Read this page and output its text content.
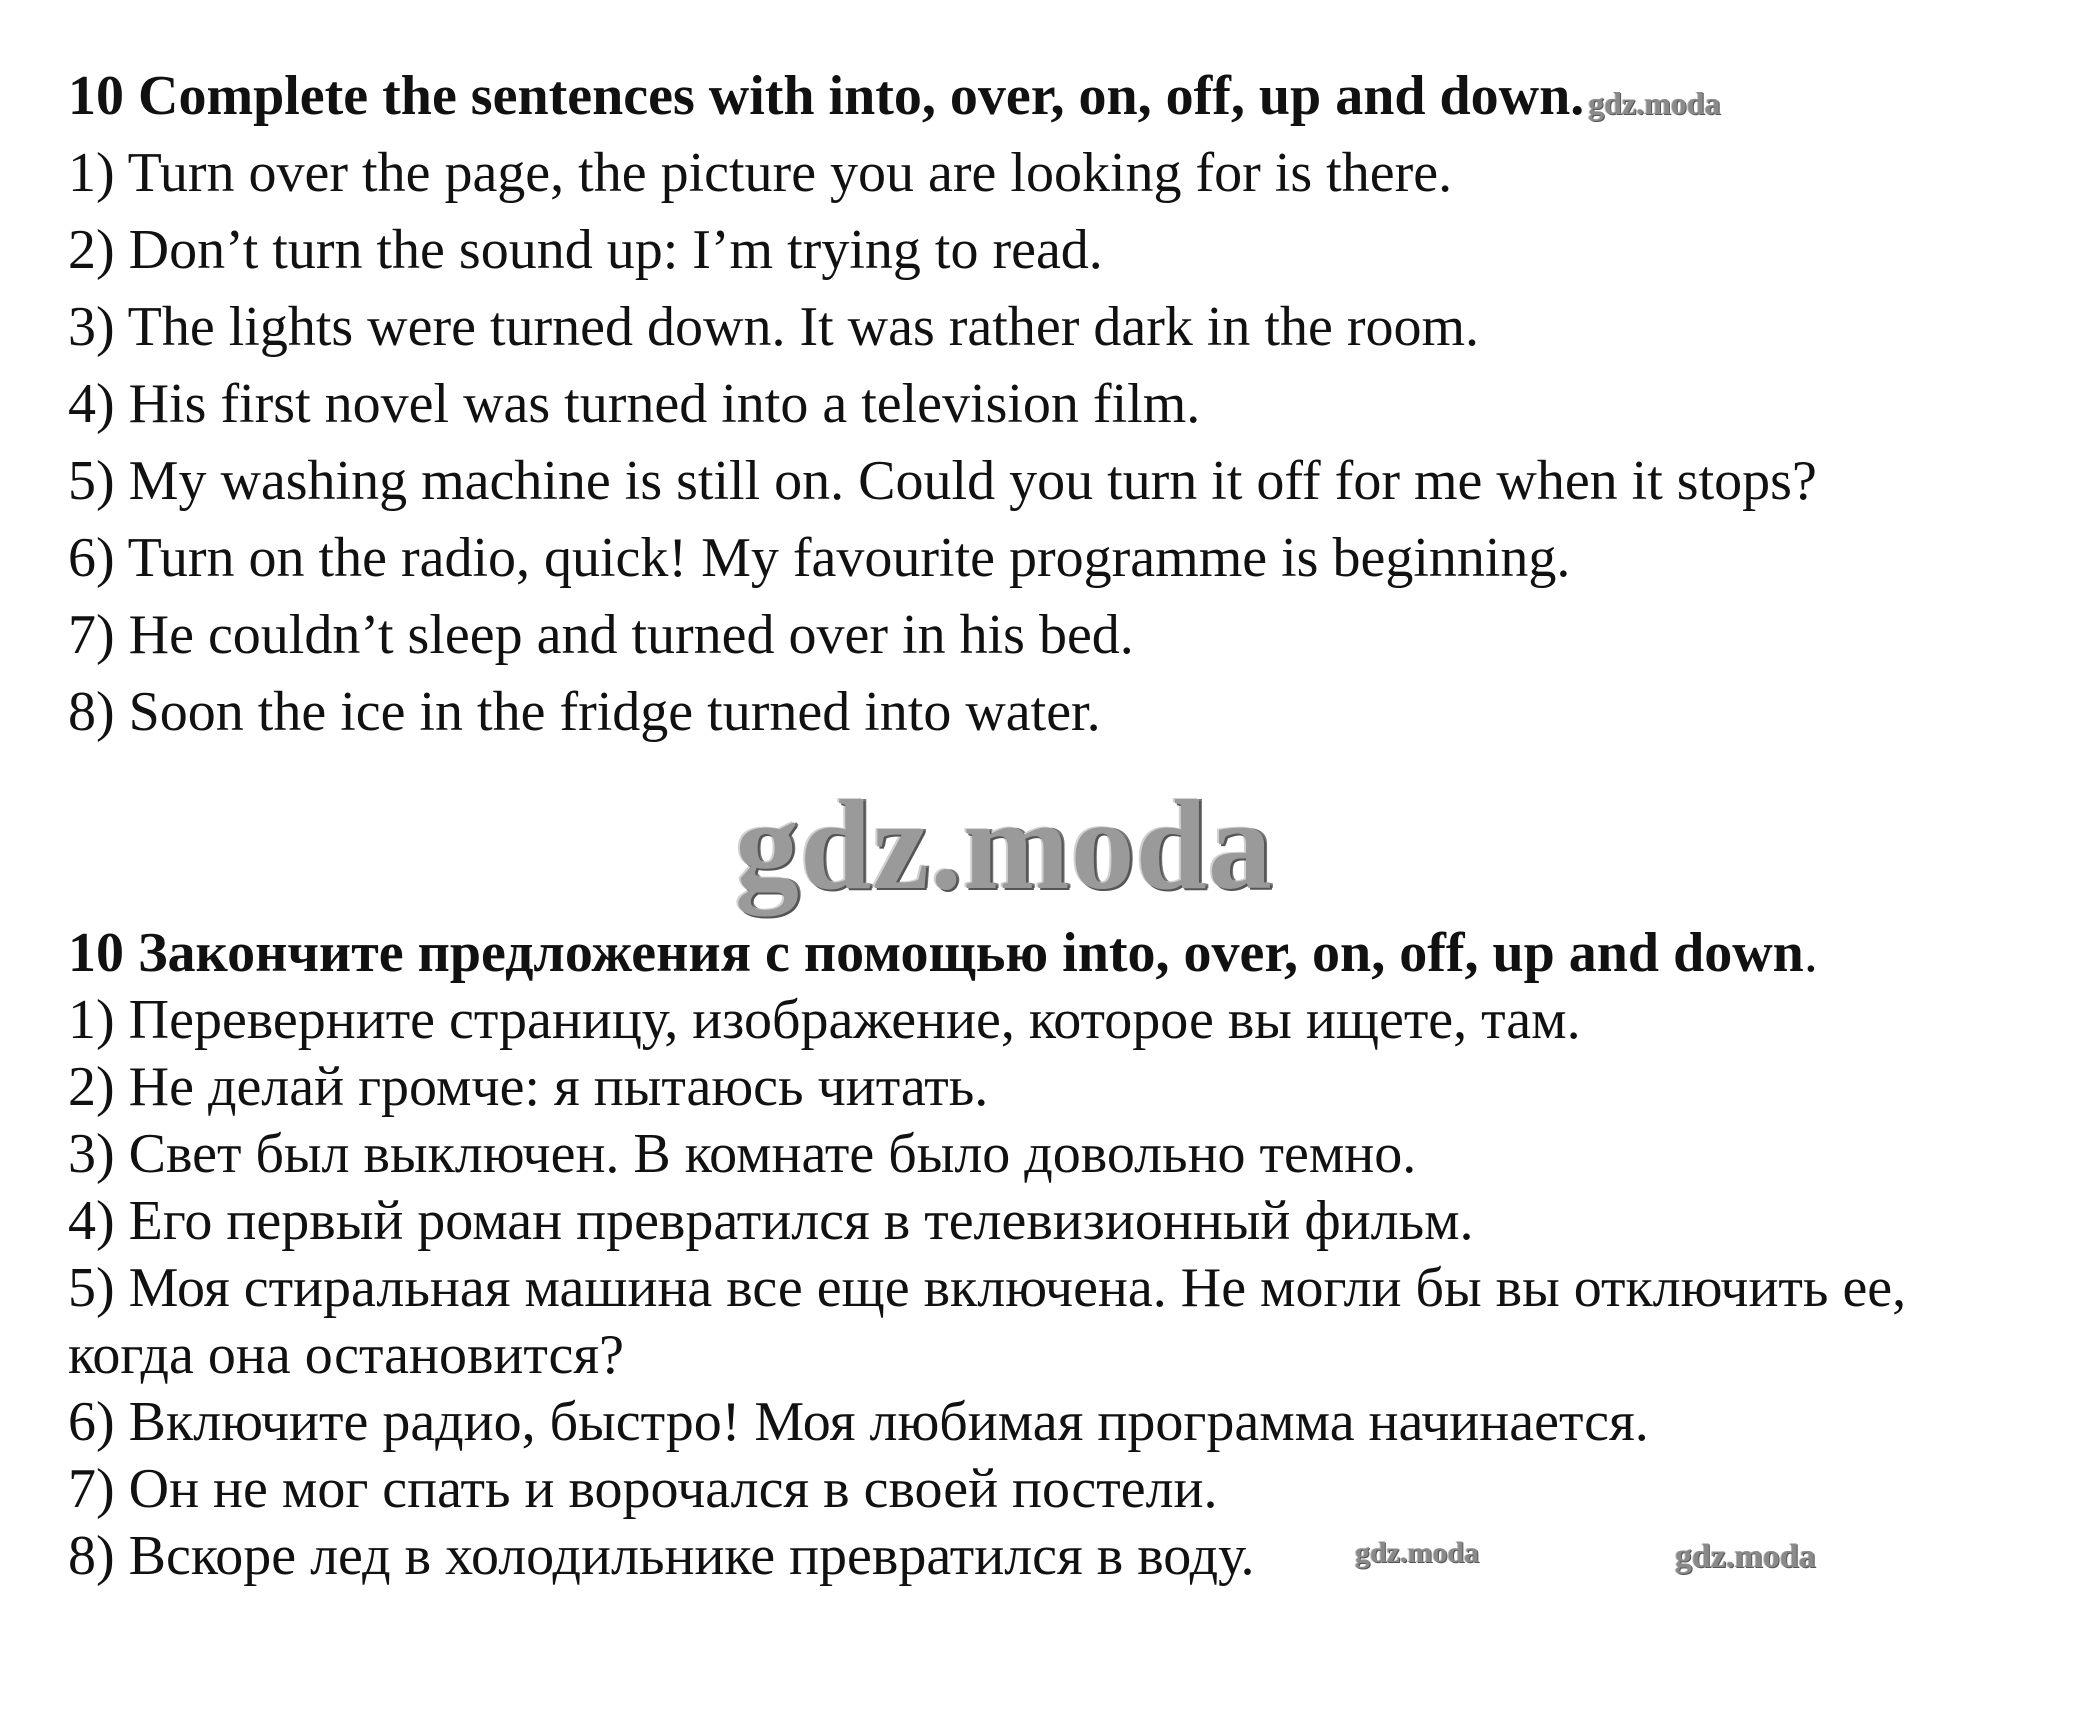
10 Complete the sentences with into, over, on, off, up and down. gdz.moda

1) Turn over the page, the picture you are looking for is there.

2) Don’t turn the sound up: I’m trying to read.

3) The lights were turned down. It was rather dark in the room.

4) His first novel was turned into a television film.

5) My washing machine is still on. Could you turn it off for me when it stops?

6) Turn on the radio, quick! My favourite programme is beginning.

7) He couldn’t sleep and turned over in his bed.

8) Soon the ice in the fridge turned into water.

gdz.moda

10 Закончите предложения с помощью into, over, on, off, up and down.

1) Переверните страницу, изображение, которое вы ищете, там.

2) Не делай громче: я пытаюсь читать.

3) Свет был выключен. В комнате было довольно темно.

4) Его первый роман превратился в телевизионный фильм.

5) Моя стиральная машина все еще включена. Не могли бы вы отключить ее,

когда она остановится?

6) Включите радио, быстро! Моя любимая программа начинается.

7) Он не мог спать и ворочался в своей постели.

8) Вскоре лед в холодильнике превратился в воду.	gdz.moda	gdz.moda
